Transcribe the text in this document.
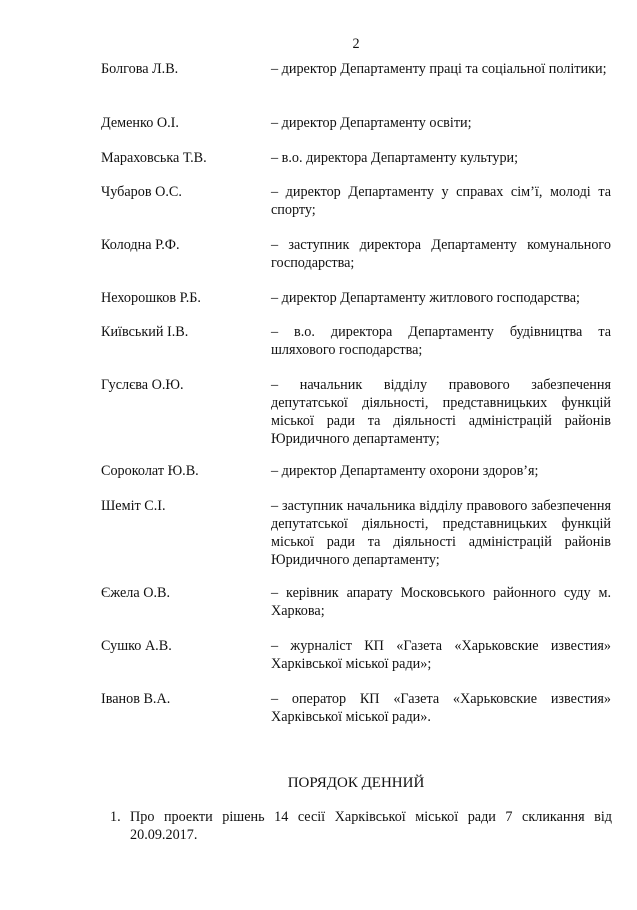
2
Болгова Л.В.	– директор Департаменту праці та соціальної політики;
Деменко О.І.	– директор Департаменту освіти;
Мараховська Т.В.	– в.о. директора Департаменту культури;
Чубаров О.С.	– директор Департаменту у справах сім’ї, молоді та спорту;
Колодна Р.Ф.	– заступник директора Департаменту комунального господарства;
Нехорошков Р.Б.	– директор Департаменту житлового господарства;
Київський І.В.	– в.о. директора Департаменту будівництва та шляхового господарства;
Гуслєва О.Ю.	– начальник відділу правового забезпечення депутатської діяльності, представницьких функцій міської ради та діяльності адміністрацій районів Юридичного департаменту;
Сороколат Ю.В.	– директор Департаменту охорони здоров’я;
Шеміт С.І.	– заступник начальника відділу правового забезпечення депутатської діяльності, представницьких функцій міської ради та діяльності адміністрацій районів Юридичного департаменту;
Єжела О.В.	– керівник апарату Московського районного суду м. Харкова;
Сушко А.В.	– журналіст КП «Газета «Харьковские известия» Харківської міської ради»;
Іванов В.А.	– оператор КП «Газета «Харьковские известия» Харківської міської ради».
ПОРЯДОК ДЕННИЙ
1. Про проекти рішень 14 сесії Харківської міської ради 7 скликання від 20.09.2017.
